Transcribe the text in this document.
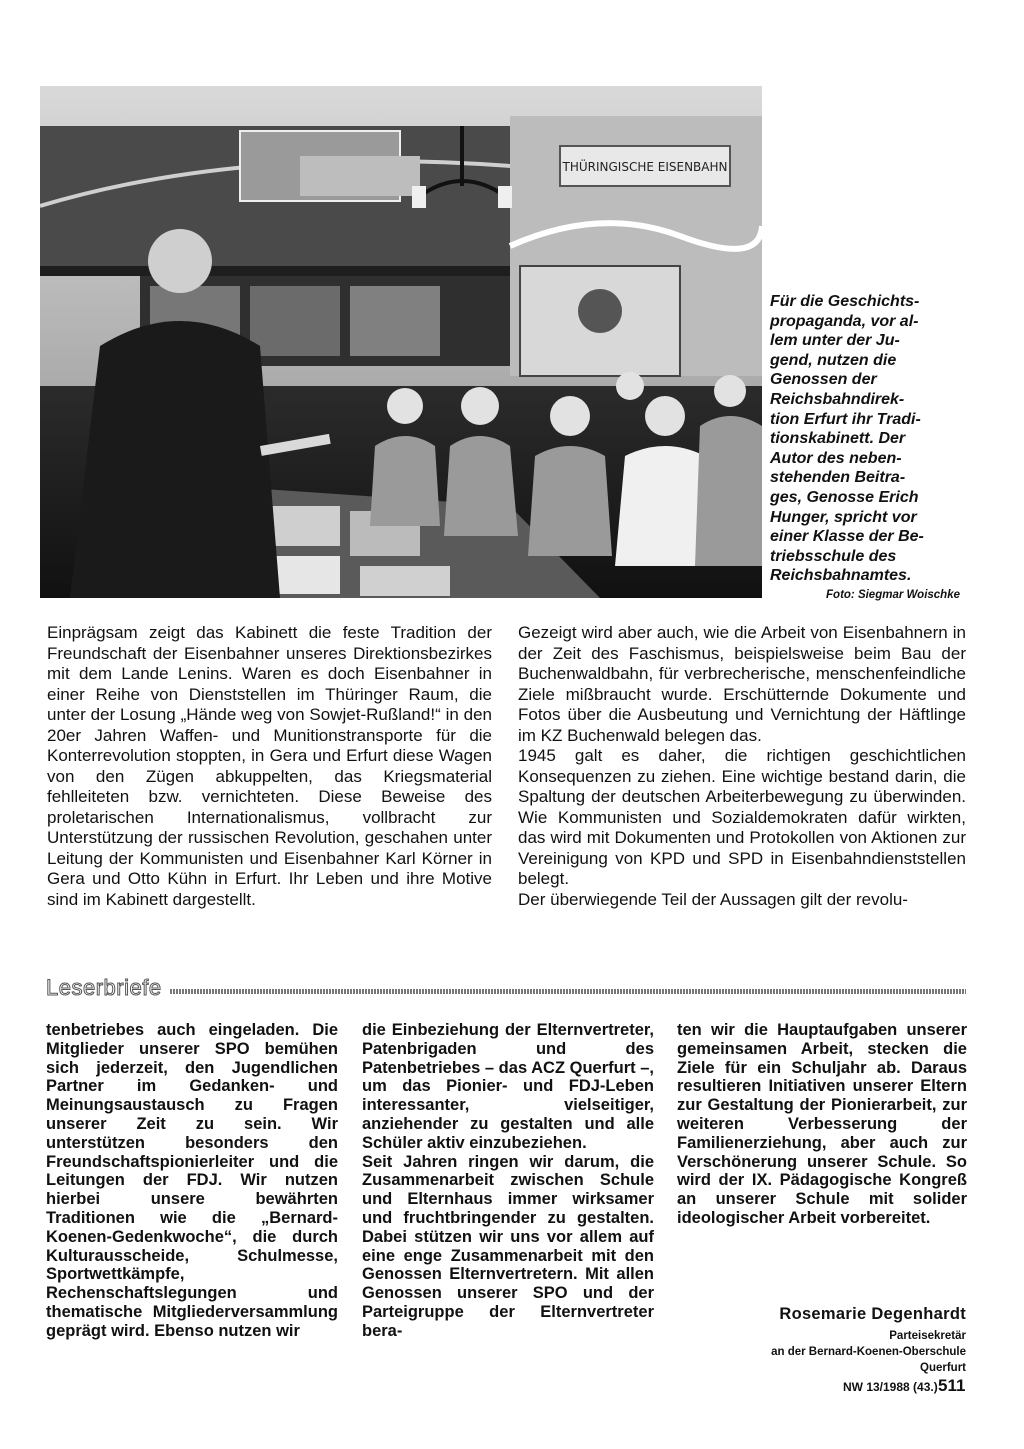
THÜRINGISCHE EISENBAHN
Für die Geschichts-
propaganda, vor al-
lem unter der Ju-
gend, nutzen die
Genossen der
Reichsbahndirek-
tion Erfurt ihr Tradi-
tionskabinett. Der
Autor des neben-
stehenden Beitra-
ges, Genosse Erich
Hunger, spricht vor
einer Klasse der Be-
triebsschule des
Reichsbahnamtes.
Foto: Siegmar Woischke

Einprägsam zeigt das Kabinett die feste Tradition der Freundschaft der Eisenbahner unseres Direktionsbezirkes mit dem Lande Lenins. Waren es doch Eisenbahner in einer Reihe von Dienststellen im Thüringer Raum, die unter der Losung „Hände weg von Sowjet-Rußland!“ in den 20er Jahren Waffen- und Munitionstransporte für die Konterrevolution stoppten, in Gera und Erfurt diese Wagen von den Zügen abkuppelten, das Kriegsmaterial fehlleiteten bzw. vernichteten. Diese Beweise des proletarischen Internationalismus, vollbracht zur Unterstützung der russischen Revolution, geschahen unter Leitung der Kommunisten und Eisenbahner Karl Körner in Gera und Otto Kühn in Erfurt. Ihr Leben und ihre Motive sind im Kabinett dargestellt.

Gezeigt wird aber auch, wie die Arbeit von Eisenbahnern in der Zeit des Faschismus, beispielsweise beim Bau der Buchenwaldbahn, für verbrecherische, menschenfeindliche Ziele mißbraucht wurde. Erschütternde Dokumente und Fotos über die Ausbeutung und Vernichtung der Häftlinge im KZ Buchenwald belegen das.

1945 galt es daher, die richtigen geschichtlichen Konsequenzen zu ziehen. Eine wichtige bestand darin, die Spaltung der deutschen Arbeiterbewegung zu überwinden. Wie Kommunisten und Sozialdemokraten dafür wirkten, das wird mit Dokumenten und Protokollen von Aktionen zur Vereinigung von KPD und SPD in Eisenbahndienststellen belegt.

Der überwiegende Teil der Aussagen gilt der revolu-

Leserbriefe

tenbetriebes auch eingeladen. Die Mitglieder unserer SPO bemühen sich jederzeit, den Jugendlichen Partner im Gedanken- und Meinungsaustausch zu Fragen unserer Zeit zu sein. Wir unterstützen besonders den Freundschaftspionierleiter und die Leitungen der FDJ. Wir nutzen hierbei unsere bewährten Traditionen wie die „Bernard-Koenen-Gedenkwoche“, die durch Kulturausscheide, Schulmesse, Sportwettkämpfe, Rechenschaftslegungen und thematische Mitgliederversammlung geprägt wird. Ebenso nutzen wir

die Einbeziehung der Elternvertreter, Patenbrigaden und des Patenbetriebes – das ACZ Querfurt –, um das Pionier- und FDJ-Leben interessanter, vielseitiger, anziehender zu gestalten und alle Schüler aktiv einzubeziehen.

Seit Jahren ringen wir darum, die Zusammenarbeit zwischen Schule und Elternhaus immer wirksamer und fruchtbringender zu gestalten. Dabei stützen wir uns vor allem auf eine enge Zusammenarbeit mit den Genossen Elternvertretern. Mit allen Genossen unserer SPO und der Parteigruppe der Elternvertreter bera-

ten wir die Hauptaufgaben unserer gemeinsamen Arbeit, stecken die Ziele für ein Schuljahr ab. Daraus resultieren Initiativen unserer Eltern zur Gestaltung der Pionierarbeit, zur weiteren Verbesserung der Familienerziehung, aber auch zur Verschönerung unserer Schule. So wird der IX. Pädagogische Kongreß an unserer Schule mit solider ideologischer Arbeit vorbereitet.

Rosemarie Degenhardt
Parteisekretär
an der Bernard-Koenen-Oberschule
Querfurt
NW 13/1988 (43.) 511
